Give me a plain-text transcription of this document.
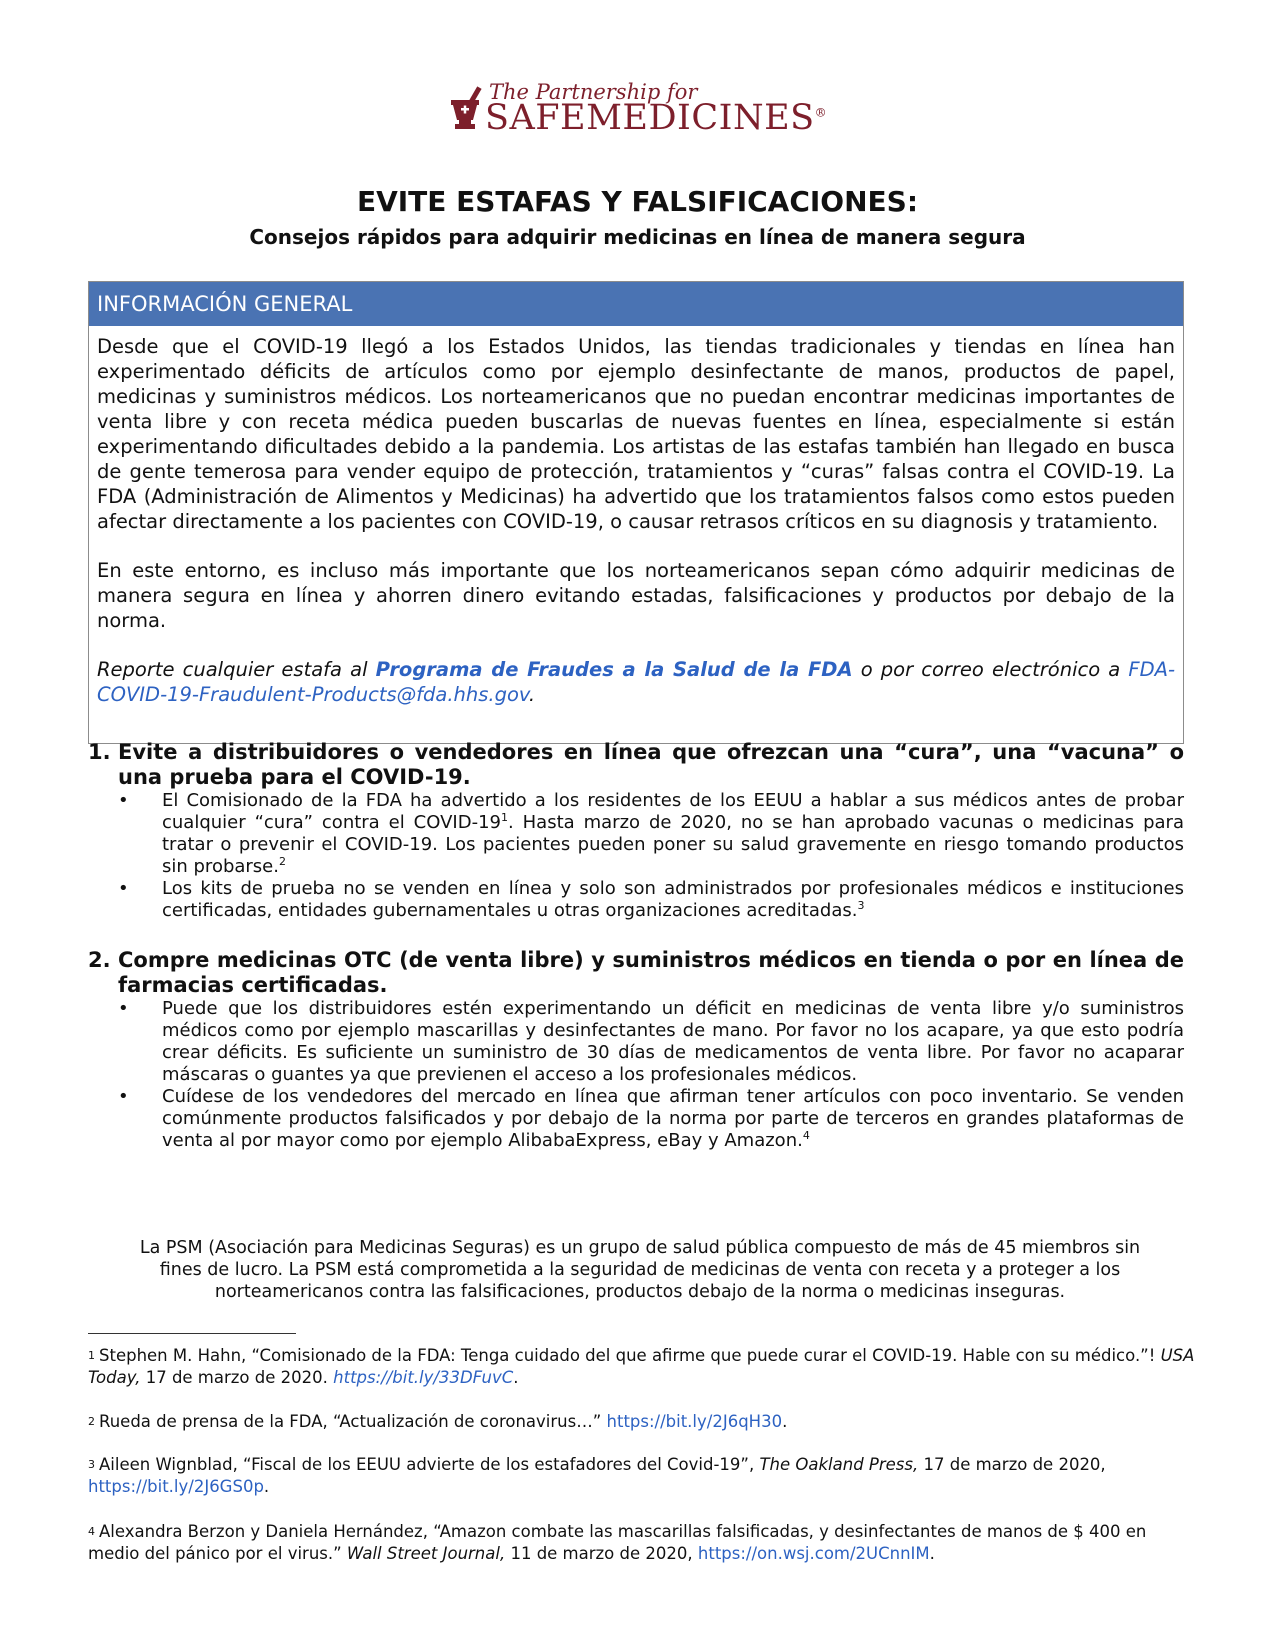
The Partnership for
SAFEMEDICINES®
EVITE ESTAFAS Y FALSIFICACIONES:
Consejos rápidos para adquirir medicinas en línea de manera segura
INFORMACIÓN GENERAL

Desde que el COVID-19 llegó a los Estados Unidos, las tiendas tradicionales y tiendas en línea han experimentado déficits de artículos como por ejemplo desinfectante de manos, productos de papel, medicinas y suministros médicos. Los norteamericanos que no puedan encontrar medicinas importantes de venta libre y con receta médica pueden buscarlas de nuevas fuentes en línea, especialmente si están experimentando dificultades debido a la pandemia. Los artistas de las estafas también han llegado en busca de gente temerosa para vender equipo de protección, tratamientos y “curas” falsas contra el COVID-19. La FDA (Administración de Alimentos y Medicinas) ha advertido que los tratamientos falsos como estos pueden afectar directamente a los pacientes con COVID-19, o causar retrasos críticos en su diagnosis y tratamiento.

En este entorno, es incluso más importante que los norteamericanos sepan cómo adquirir medicinas de manera segura en línea y ahorren dinero evitando estadas, falsificaciones y productos por debajo de la norma.

Reporte cualquier estafa al Programa de Fraudes a la Salud de la FDA o por correo electrónico a FDA-COVID-19-Fraudulent-Products@fda.hhs.gov.

1. Evite a distribuidores o vendedores en línea que ofrezcan una “cura”, una “vacuna” o una prueba para el COVID-19.
• El Comisionado de la FDA ha advertido a los residentes de los EEUU a hablar a sus médicos antes de probar cualquier “cura” contra el COVID-$19^1$. Hasta marzo de 2020, no se han aprobado vacunas o medicinas para tratar o prevenir el COVID-19. Los pacientes pueden poner su salud gravemente en riesgo tomando productos sin probarse.$^2$
• Los kits de prueba no se venden en línea y solo son administrados por profesionales médicos e instituciones certificadas, entidades gubernamentales u otras organizaciones acreditadas.$^3$
2. Compre medicinas OTC (de venta libre) y suministros médicos en tienda o por en línea de farmacias certificadas.
• Puede que los distribuidores estén experimentando un déficit en medicinas de venta libre y/o suministros médicos como por ejemplo mascarillas y desinfectantes de mano. Por favor no los acapare, ya que esto podría crear déficits. Es suficiente un suministro de 30 días de medicamentos de venta libre. Por favor no acaparar máscaras o guantes ya que previenen el acceso a los profesionales médicos.
• Cuídese de los vendedores del mercado en línea que afirman tener artículos con poco inventario. Se venden comúnmente productos falsificados y por debajo de la norma por parte de terceros en grandes plataformas de venta al por mayor como por ejemplo AlibabaExpress, eBay y Amazon.$^4$
La PSM (Asociación para Medicinas Seguras) es un grupo de salud pública compuesto de más de 45 miembros sin fines de lucro. La PSM está comprometida a la seguridad de medicinas de venta con receta y a proteger a los norteamericanos contra las falsificaciones, productos debajo de la norma o medicinas inseguras.
$^1$ Stephen M. Hahn, “Comisionado de la FDA: Tenga cuidado del que afirme que puede curar el COVID-19. Hable con su médico.”! USA Today, 17 de marzo de 2020. https://bit.ly/33DFuvC.
$^2$ Rueda de prensa de la FDA, “Actualización de coronavirus…” https://bit.ly/2J6qH30.
$^3$ Aileen Wignblad, “Fiscal de los EEUU advierte de los estafadores del Covid-19”, The Oakland Press, 17 de marzo de 2020, https://bit.ly/2J6GS0p.
$^4$ Alexandra Berzon y Daniela Hernández, “Amazon combate las mascarillas falsificadas, y desinfectantes de manos de $ 400 en medio del pánico por el virus.” Wall Street Journal, 11 de marzo de 2020, https://on.wsj.com/2UCnnIM.
